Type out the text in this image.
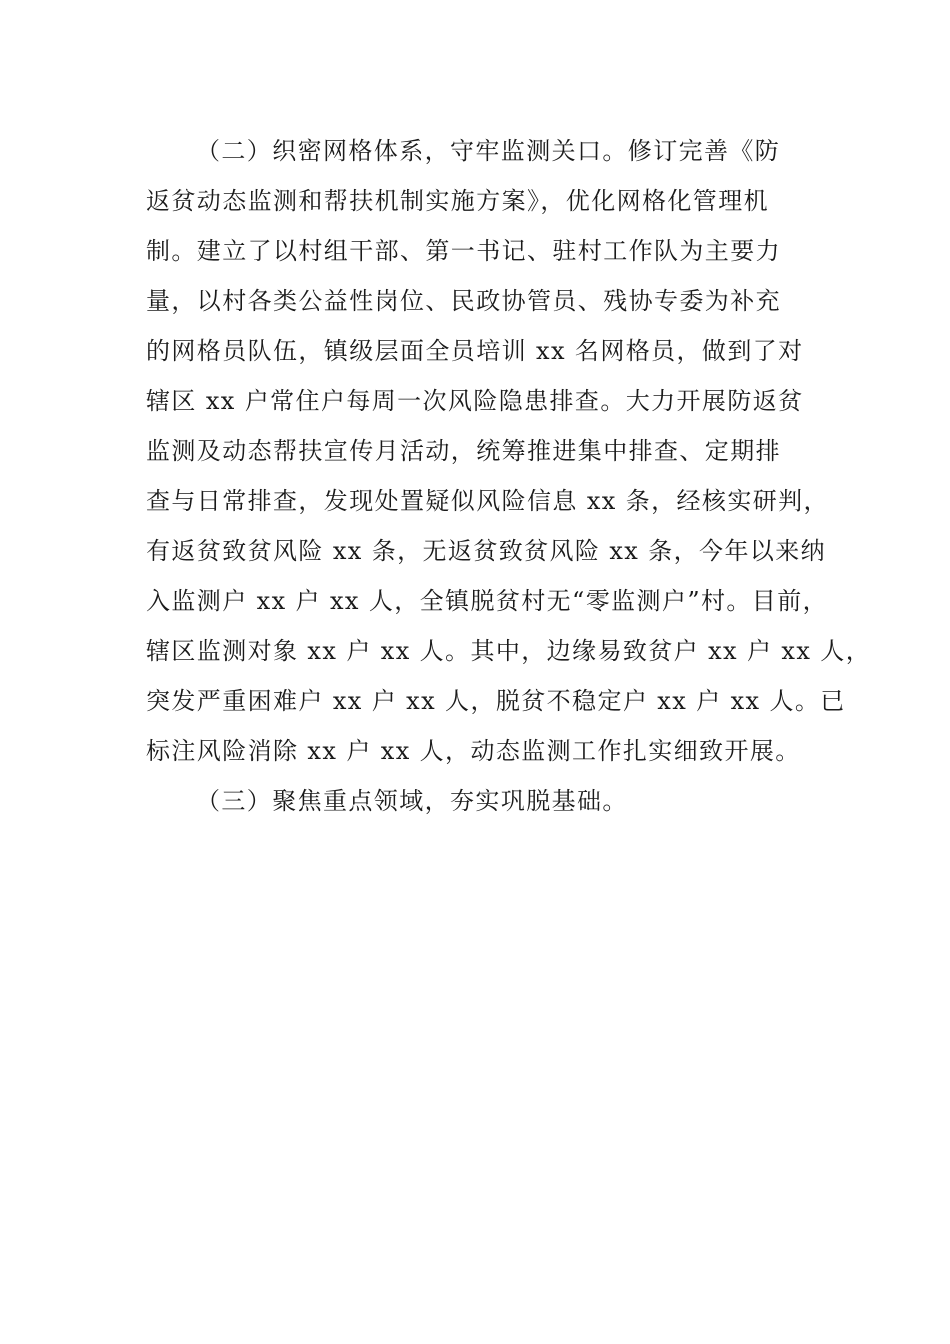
（二）织密网格体系，守牢监测关口。修订完善《防
返贫动态监测和帮扶机制实施方案》，优化网格化管理机
制。建立了以村组干部、第一书记、驻村工作队为主要力
量，以村各类公益性岗位、民政协管员、残协专委为补充
的网格员队伍，镇级层面全员培训 xx 名网格员，做到了对
辖区 xx 户常住户每周一次风险隐患排查。大力开展防返贫
监测及动态帮扶宣传月活动，统筹推进集中排查、定期排
查与日常排查，发现处置疑似风险信息 xx 条，经核实研判，
有返贫致贫风险 xx 条，无返贫致贫风险 xx 条，今年以来纳
入监测户 xx 户 xx 人，全镇脱贫村无“零监测户”村。目前，
辖区监测对象 xx 户 xx 人。其中，边缘易致贫户 xx 户 xx 人，
突发严重困难户 xx 户 xx 人，脱贫不稳定户 xx 户 xx 人。已
标注风险消除 xx 户 xx 人，动态监测工作扎实细致开展。
（三）聚焦重点领域，夯实巩脱基础。
